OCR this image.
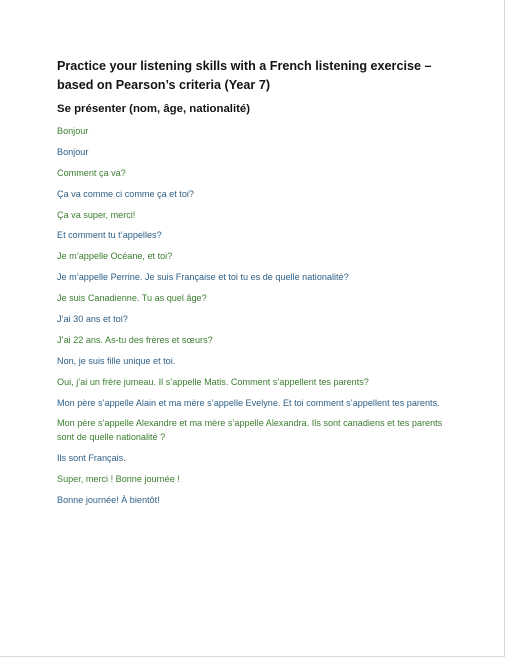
Practice your listening skills with a French listening exercise – based on Pearson’s criteria (Year 7)
Se présenter (nom, âge, nationalité)
Bonjour
Bonjour
Comment ça va?
Ça va comme ci comme ça et toi?
Ça va super, merci!
Et comment tu t’appelles?
Je m’appelle Océane, et toi?
Je m’appelle Perrine. Je suis Française et toi tu es de quelle nationalité?
Je suis Canadienne. Tu as quel âge?
J’ai 30 ans et toi?
J’ai 22 ans. As-tu des frères et sœurs?
Non, je suis fille unique et toi.
Oui, j’ai un frère jumeau. Il s’appelle Matis. Comment s’appellent tes parents?
Mon père s’appelle Alain et ma mère s’appelle Evelyne. Et toi comment s’appellent tes parents.
Mon père s’appelle Alexandre et ma mère s’appelle Alexandra. Ils sont canadiens et tes parents sont de quelle nationalité ?
Ils sont Français.
Super, merci ! Bonne journée !
Bonne journée! À bientôt!
